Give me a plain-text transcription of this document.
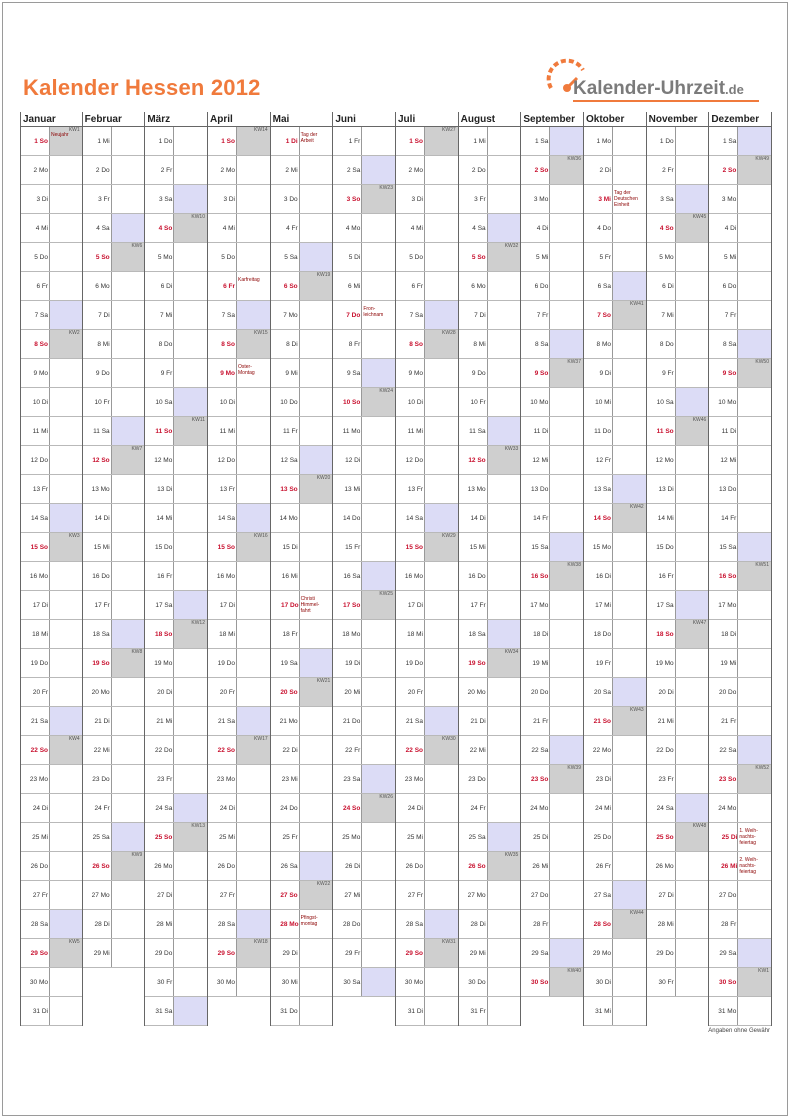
Kalender Hessen 2012	Kalender-Uhrzeit.de
Januar
1 So
KW1
Neujahr
2 Mo
3 Di
4 Mi
5 Do
6 Fr
7 Sa
8 So
KW2
9 Mo
10 Di
11 Mi
12 Do
13 Fr
14 Sa
15 So
KW3
16 Mo
17 Di
18 Mi
19 Do
20 Fr
21 Sa
22 So
KW4
23 Mo
24 Di
25 Mi
26 Do
27 Fr
28 Sa
29 So
KW5
30 Mo
31 Di
Februar
1 Mi
2 Do
3 Fr
4 Sa
5 So
KW6
6 Mo
7 Di
8 Mi
9 Do
10 Fr
11 Sa
12 So
KW7
13 Mo
14 Di
15 Mi
16 Do
17 Fr
18 Sa
19 So
KW8
20 Mo
21 Di
22 Mi
23 Do
24 Fr
25 Sa
26 So
KW9
27 Mo
28 Di
29 Mi
März
1 Do
2 Fr
3 Sa
4 So
KW10
5 Mo
6 Di
7 Mi
8 Do
9 Fr
10 Sa
11 So
KW11
12 Mo
13 Di
14 Mi
15 Do
16 Fr
17 Sa
18 So
KW12
19 Mo
20 Di
21 Mi
22 Do
23 Fr
24 Sa
25 So
KW13
26 Mo
27 Di
28 Mi
29 Do
30 Fr
31 Sa
April
1 So
KW14
2 Mo
3 Di
4 Mi
5 Do
6 Fr
Karfreitag
7 Sa
8 So
KW15
9 Mo
Oster-
Montag
10 Di
11 Mi
12 Do
13 Fr
14 Sa
15 So
KW16
16 Mo
17 Di
18 Mi
19 Do
20 Fr
21 Sa
22 So
KW17
23 Mo
24 Di
25 Mi
26 Do
27 Fr
28 Sa
29 So
KW18
30 Mo
Mai
1 Di
Tag der
Arbeit
2 Mi
3 Do
4 Fr
5 Sa
6 So
KW19
7 Mo
8 Di
9 Mi
10 Do
11 Fr
12 Sa
13 So
KW20
14 Mo
15 Di
16 Mi
17 Do
Christi
Himmel-
fahrt
18 Fr
19 Sa
20 So
KW21
21 Mo
22 Di
23 Mi
24 Do
25 Fr
26 Sa
27 So
KW22
28 Mo
Pfingst-
montag
29 Di
30 Mi
31 Do
Juni
1 Fr
2 Sa
3 So
KW23
4 Mo
5 Di
6 Mi
7 Do
Fron-
leichnam
8 Fr
9 Sa
10 So
KW24
11 Mo
12 Di
13 Mi
14 Do
15 Fr
16 Sa
17 So
KW25
18 Mo
19 Di
20 Mi
21 Do
22 Fr
23 Sa
24 So
KW26
25 Mo
26 Di
27 Mi
28 Do
29 Fr
30 Sa
Juli
1 So
KW27
2 Mo
3 Di
4 Mi
5 Do
6 Fr
7 Sa
8 So
KW28
9 Mo
10 Di
11 Mi
12 Do
13 Fr
14 Sa
15 So
KW29
16 Mo
17 Di
18 Mi
19 Do
20 Fr
21 Sa
22 So
KW30
23 Mo
24 Di
25 Mi
26 Do
27 Fr
28 Sa
29 So
KW31
30 Mo
31 Di
August
1 Mi
2 Do
3 Fr
4 Sa
5 So
KW32
6 Mo
7 Di
8 Mi
9 Do
10 Fr
11 Sa
12 So
KW33
13 Mo
14 Di
15 Mi
16 Do
17 Fr
18 Sa
19 So
KW34
20 Mo
21 Di
22 Mi
23 Do
24 Fr
25 Sa
26 So
KW35
27 Mo
28 Di
29 Mi
30 Do
31 Fr
September
1 Sa
2 So
KW36
3 Mo
4 Di
5 Mi
6 Do
7 Fr
8 Sa
9 So
KW37
10 Mo
11 Di
12 Mi
13 Do
14 Fr
15 Sa
16 So
KW38
17 Mo
18 Di
19 Mi
20 Do
21 Fr
22 Sa
23 So
KW39
24 Mo
25 Di
26 Mi
27 Do
28 Fr
29 Sa
30 So
KW40
Oktober
1 Mo
2 Di
3 Mi
Tag der
Deutschen
Einheit
4 Do
5 Fr
6 Sa
7 So
KW41
8 Mo
9 Di
10 Mi
11 Do
12 Fr
13 Sa
14 So
KW42
15 Mo
16 Di
17 Mi
18 Do
19 Fr
20 Sa
21 So
KW43
22 Mo
23 Di
24 Mi
25 Do
26 Fr
27 Sa
28 So
KW44
29 Mo
30 Di
31 Mi
November
1 Do
2 Fr
3 Sa
4 So
KW45
5 Mo
6 Di
7 Mi
8 Do
9 Fr
10 Sa
11 So
KW46
12 Mo
13 Di
14 Mi
15 Do
16 Fr
17 Sa
18 So
KW47
19 Mo
20 Di
21 Mi
22 Do
23 Fr
24 Sa
25 So
KW48
26 Mo
27 Di
28 Mi
29 Do
30 Fr
Dezember
1 Sa
2 So
KW49
3 Mo
4 Di
5 Mi
6 Do
7 Fr
8 Sa
9 So
KW50
10 Mo
11 Di
12 Mi
13 Do
14 Fr
15 Sa
16 So
KW51
17 Mo
18 Di
19 Mi
20 Do
21 Fr
22 Sa
23 So
KW52
24 Mo
25 Di
1. Weih-
nachts-
feiertag
26 Mi
2. Weih-
nachts-
feiertag
27 Do
28 Fr
29 Sa
30 So
KW1
31 Mo
Angaben ohne Gewähr
